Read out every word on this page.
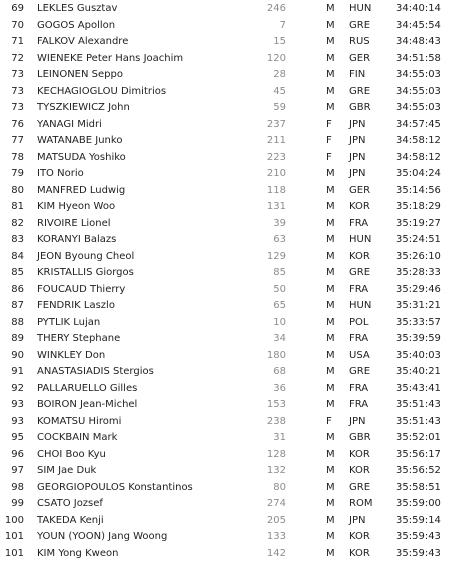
69 LEKLES Gusztav	246	M HUN 34:40:14
70 GOGOS Apollon	7	M GRE	34:45:54
71 FALKOV Alexandre	15	M RUS	34:48:43
72 WIENEKE Peter Hans Joachim	120	M GER	34:51:58
73 LEINONEN Seppo	28	M FIN	34:55:03
73 KECHAGIOGLOU Dimitrios	45	M GRE	34:55:03
73 TYSZKIEWICZ John	59	M GBR	34:55:03
76 YANAGI Midri	237	F JPN	34:57:45
77 WATANABE Junko	211	F JPN	34:58:12
78 MATSUDA Yoshiko	223	F JPN	34:58:12
79 ITO Norio	210	M JPN	35:04:24
80 MANFRED Ludwig	118	M GER	35:14:56
81 KIM Hyeon Woo	131	M KOR	35:18:29
82 RIVOIRE Lionel	39	M FRA	35:19:27
83 KORANYI Balazs	63	M HUN 35:24:51
84 JEON Byoung Cheol	129	M KOR	35:26:10
85 KRISTALLIS Giorgos	85	M GRE	35:28:33
86 FOUCAUD Thierry	50	M FRA	35:29:46
87 FENDRIK Laszlo	65	M HUN 35:31:21
88 PYTLIK Lujan	10	M POL	35:33:57
89 THERY Stephane	34	M FRA	35:39:59
90 WINKLEY Don	180	M USA	35:40:03
91 ANASTASIADIS Stergios	68	M GRE	35:40:21
92 PALLARUELLO Gilles	36	M FRA	35:43:41
93 BOIRON Jean-Michel	153	M FRA	35:51:43
93 KOMATSU Hiromi	238	F JPN	35:51:43
95 COCKBAIN Mark	31	M GBR	35:52:01
96 CHOI Boo Kyu	128	M KOR	35:56:17
97 SIM Jae Duk	132	M KOR	35:56:52
98 GEORGIOPOULOS Konstantinos	80	M GRE	35:58:51
99 CSATO Jozsef	274	M ROM 35:59:00
100 TAKEDA Kenji	205	M JPN	35:59:14
101 YOUN (YOON) Jang Woong	133	M KOR	35:59:43
101 KIM Yong Kweon	142	M KOR	35:59:43
